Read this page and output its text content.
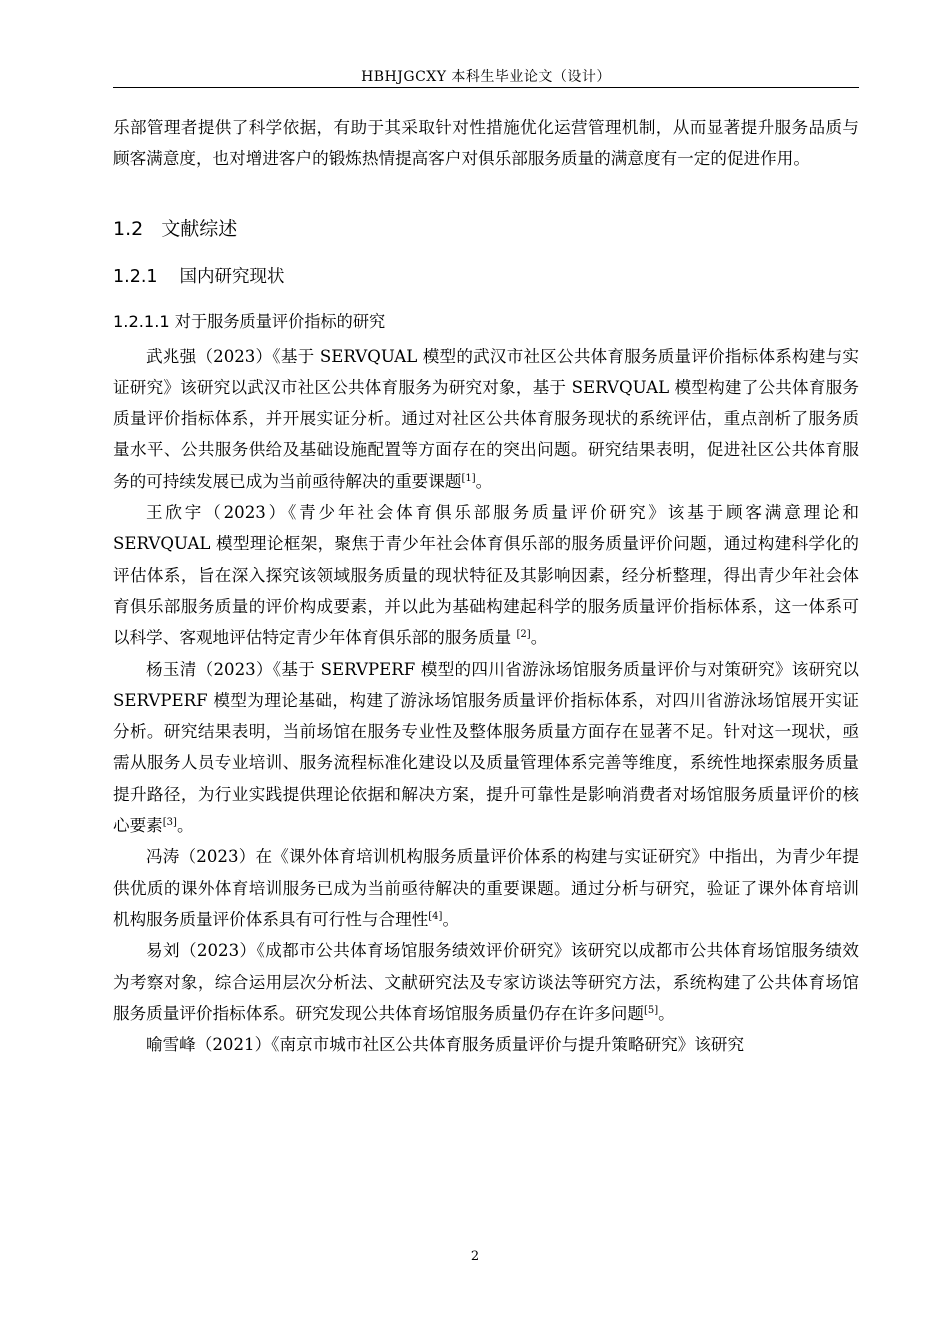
HBHJGCXY 本科生毕业论文（设计）

乐部管理者提供了科学依据，有助于其采取针对性措施优化运营管理机制，从而显著提升服务品质与顾客满意度，也对增进客户的锻炼热情提高客户对俱乐部服务质量的满意度有一定的促进作用。

1.2 文献综述
1.2.1 国内研究现状
1.2.1.1 对于服务质量评价指标的研究

武兆强（2023）《基于 SERVQUAL 模型的武汉市社区公共体育服务质量评价指标体系构建与实证研究》该研究以武汉市社区公共体育服务为研究对象，基于 SERVQUAL 模型构建了公共体育服务质量评价指标体系，并开展实证分析。通过对社区公共体育服务现状的系统评估，重点剖析了服务质量水平、公共服务供给及基础设施配置等方面存在的突出问题。研究结果表明，促进社区公共体育服务的可持续发展已成为当前亟待解决的重要课题[1]。

王欣宇（2023）《青少年社会体育俱乐部服务质量评价研究》该基于顾客满意理论和 SERVQUAL 模型理论框架，聚焦于青少年社会体育俱乐部的服务质量评价问题，通过构建科学化的评估体系，旨在深入探究该领域服务质量的现状特征及其影响因素，经分析整理，得出青少年社会体育俱乐部服务质量的评价构成要素，并以此为基础构建起科学的服务质量评价指标体系，这一体系可以科学、客观地评估特定青少年体育俱乐部的服务质量 [2]。

杨玉清（2023）《基于 SERVPERF 模型的四川省游泳场馆服务质量评价与对策研究》该研究以 SERVPERF 模型为理论基础，构建了游泳场馆服务质量评价指标体系，对四川省游泳场馆展开实证分析。研究结果表明，当前场馆在服务专业性及整体服务质量方面存在显著不足。针对这一现状，亟需从服务人员专业培训、服务流程标准化建设以及质量管理体系完善等维度，系统性地探索服务质量提升路径，为行业实践提供理论依据和解决方案，提升可靠性是影响消费者对场馆服务质量评价的核心要素[3]。

冯涛（2023）在《课外体育培训机构服务质量评价体系的构建与实证研究》中指出，为青少年提供优质的课外体育培训服务已成为当前亟待解决的重要课题。通过分析与研究，验证了课外体育培训机构服务质量评价体系具有可行性与合理性[4]。

易刘（2023）《成都市公共体育场馆服务绩效评价研究》该研究以成都市公共体育场馆服务绩效为考察对象，综合运用层次分析法、文献研究法及专家访谈法等研究方法，系统构建了公共体育场馆服务质量评价指标体系。研究发现公共体育场馆服务质量仍存在许多问题[5]。

喻雪峰（2021）《南京市城市社区公共体育服务质量评价与提升策略研究》该研究

2
